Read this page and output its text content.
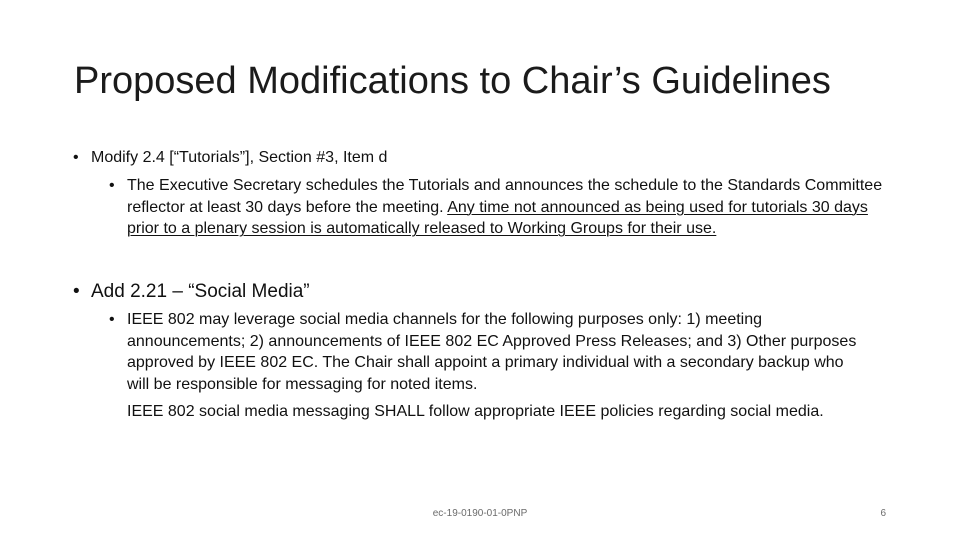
Proposed Modifications to Chair’s Guidelines
• Modify 2.4 [“Tutorials”], Section #3, Item d
• The Executive Secretary schedules the Tutorials and announces the schedule to the Standards Committee reflector at least 30 days before the meeting. Any time not announced as being used for tutorials 30 days prior to a plenary session is automatically released to Working Groups for their use.
• Add 2.21 – “Social Media”
• IEEE 802 may leverage social media channels for the following purposes only: 1) meeting announcements; 2) announcements of IEEE 802 EC Approved Press Releases; and 3) Other purposes approved by IEEE 802 EC. The Chair shall appoint a primary individual with a secondary backup who will be responsible for messaging for noted items.
IEEE 802 social media messaging SHALL follow appropriate IEEE policies regarding social media.
ec-19-0190-01-0PNP	6
